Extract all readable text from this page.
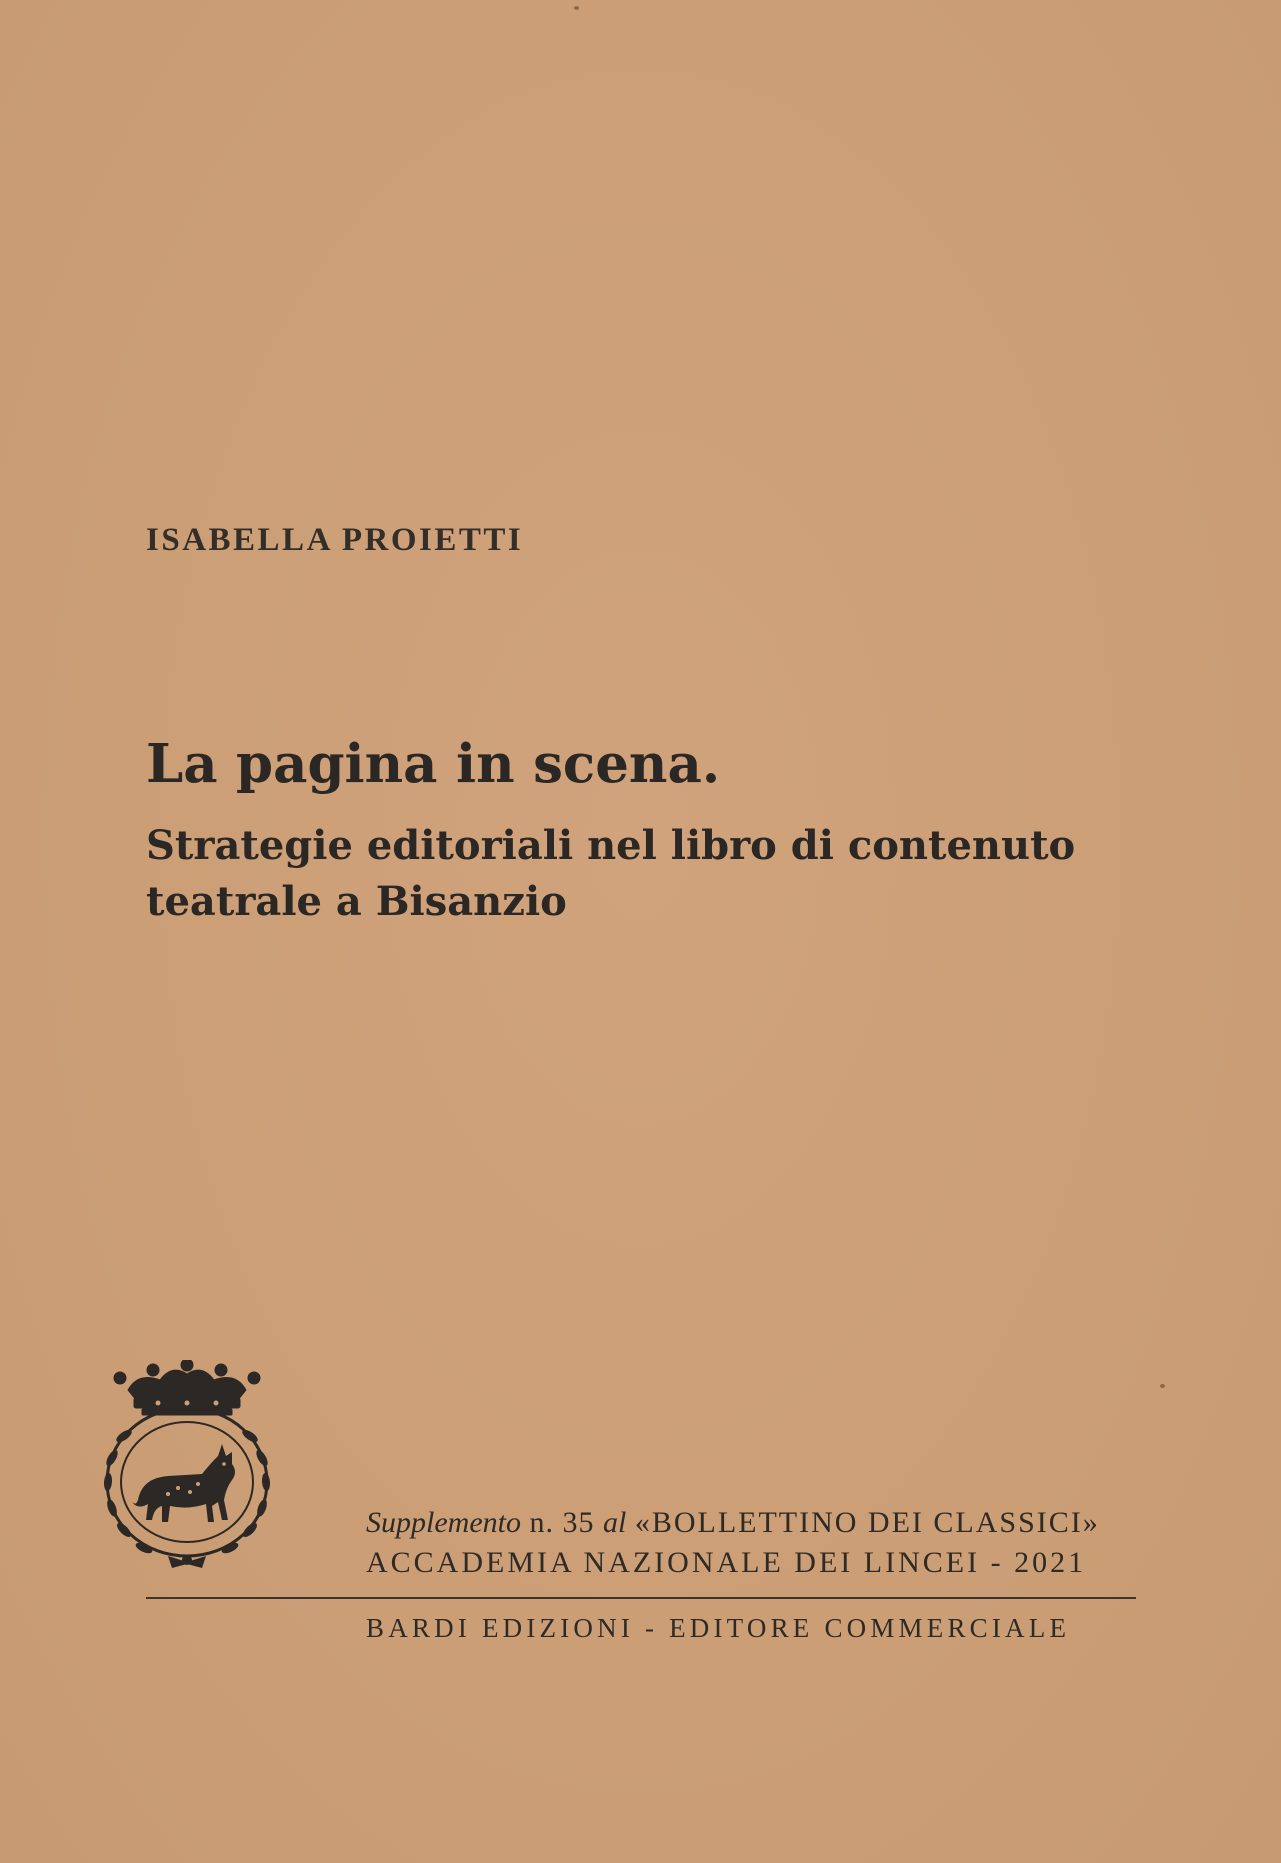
ISABELLA PROIETTI
La pagina in scena.
Strategie editoriali nel libro di contenuto
teatrale a Bisanzio
Supplemento n. 35 al «BOLLETTINO DEI CLASSICI»
ACCADEMIA NAZIONALE DEI LINCEI - 2021
BARDI EDIZIONI - EDITORE COMMERCIALE
